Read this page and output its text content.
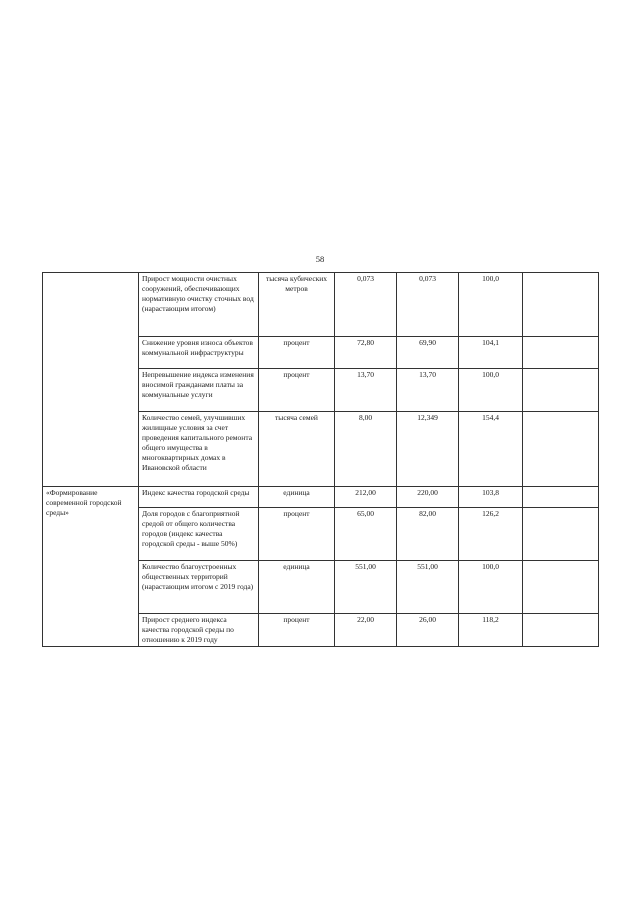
58
	Прирост мощности очистных сооружений, обеспечивающих нормативную очистку сточных вод (нарастающим итогом)	тысяча кубических метров	0,073	0,073	100,0	
	Снижение уровня износа объектов коммунальной инфраструктуры	процент	72,80	69,90	104,1	
	Непревышение индекса изменения вносимой гражданами платы за коммунальные услуги	процент	13,70	13,70	100,0	
	Количество семей, улучшивших жилищные условия за счет проведения капитального ремонта общего имущества в многоквартирных домах в Ивановской области	тысяча семей	8,00	12,349	154,4	
«Формирование современной городской среды»	Индекс качества городской среды	единица	212,00	220,00	103,8	
	Доля городов с благоприятной средой от общего количества городов (индекс качества городской среды - выше 50%)	процент	65,00	82,00	126,2	
	Количество благоустроенных общественных территорий (нарастающим итогом с 2019 года)	единица	551,00	551,00	100,0	
	Прирост среднего индекса качества городской среды по отношению к 2019 году	процент	22,00	26,00	118,2	
